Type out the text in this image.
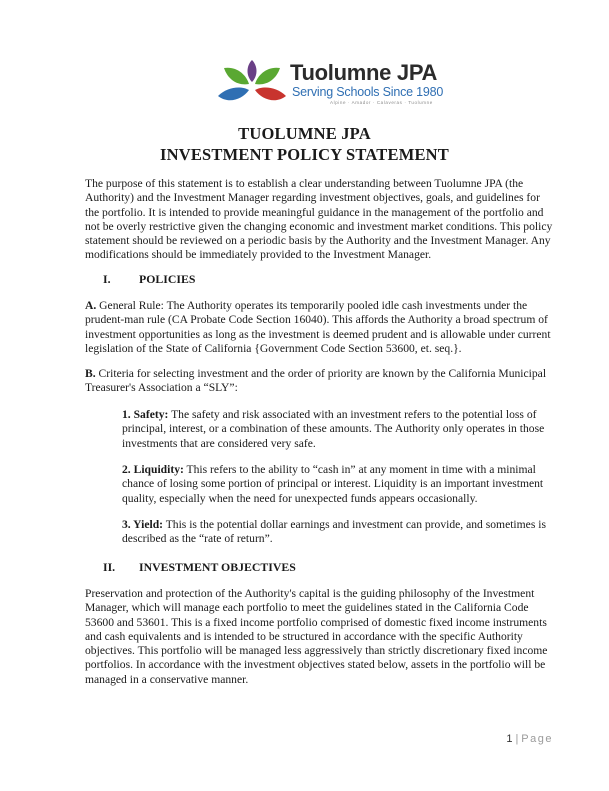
Tuolumne JPA
Serving Schools Since 1980
Alpine · Amador · Calaveras · Tuolumne
TUOLUMNE JPA
INVESTMENT POLICY STATEMENT

The purpose of this statement is to establish a clear understanding between Tuolumne JPA (the Authority) and the Investment Manager regarding investment objectives, goals, and guidelines for the portfolio. It is intended to provide meaningful guidance in the management of the portfolio and not be overly restrictive given the changing economic and investment market conditions. This policy statement should be reviewed on a periodic basis by the Authority and the Investment Manager. Any modifications should be immediately provided to the Investment Manager.

I. POLICIES

A. General Rule: The Authority operates its temporarily pooled idle cash investments under the prudent-man rule (CA Probate Code Section 16040). This affords the Authority a broad spectrum of investment opportunities as long as the investment is deemed prudent and is allowable under current legislation of the State of California {Government Code Section 53600, et. seq.}.

B. Criteria for selecting investment and the order of priority are known by the California Municipal Treasurer's Association a “SLY”:

1. Safety: The safety and risk associated with an investment refers to the potential loss of principal, interest, or a combination of these amounts. The Authority only operates in those investments that are considered very safe.

2. Liquidity: This refers to the ability to “cash in” at any moment in time with a minimal chance of losing some portion of principal or interest. Liquidity is an important investment quality, especially when the need for unexpected funds appears occasionally.

3. Yield: This is the potential dollar earnings and investment can provide, and sometimes is described as the “rate of return”.

II. INVESTMENT OBJECTIVES

Preservation and protection of the Authority's capital is the guiding philosophy of the Investment Manager, which will manage each portfolio to meet the guidelines stated in the California Code 53600 and 53601. This is a fixed income portfolio comprised of domestic fixed income instruments and cash equivalents and is intended to be structured in accordance with the specific Authority objectives. This portfolio will be managed less aggressively than strictly discretionary fixed income portfolios. In accordance with the investment objectives stated below, assets in the portfolio will be managed in a conservative manner.

1 | Page
